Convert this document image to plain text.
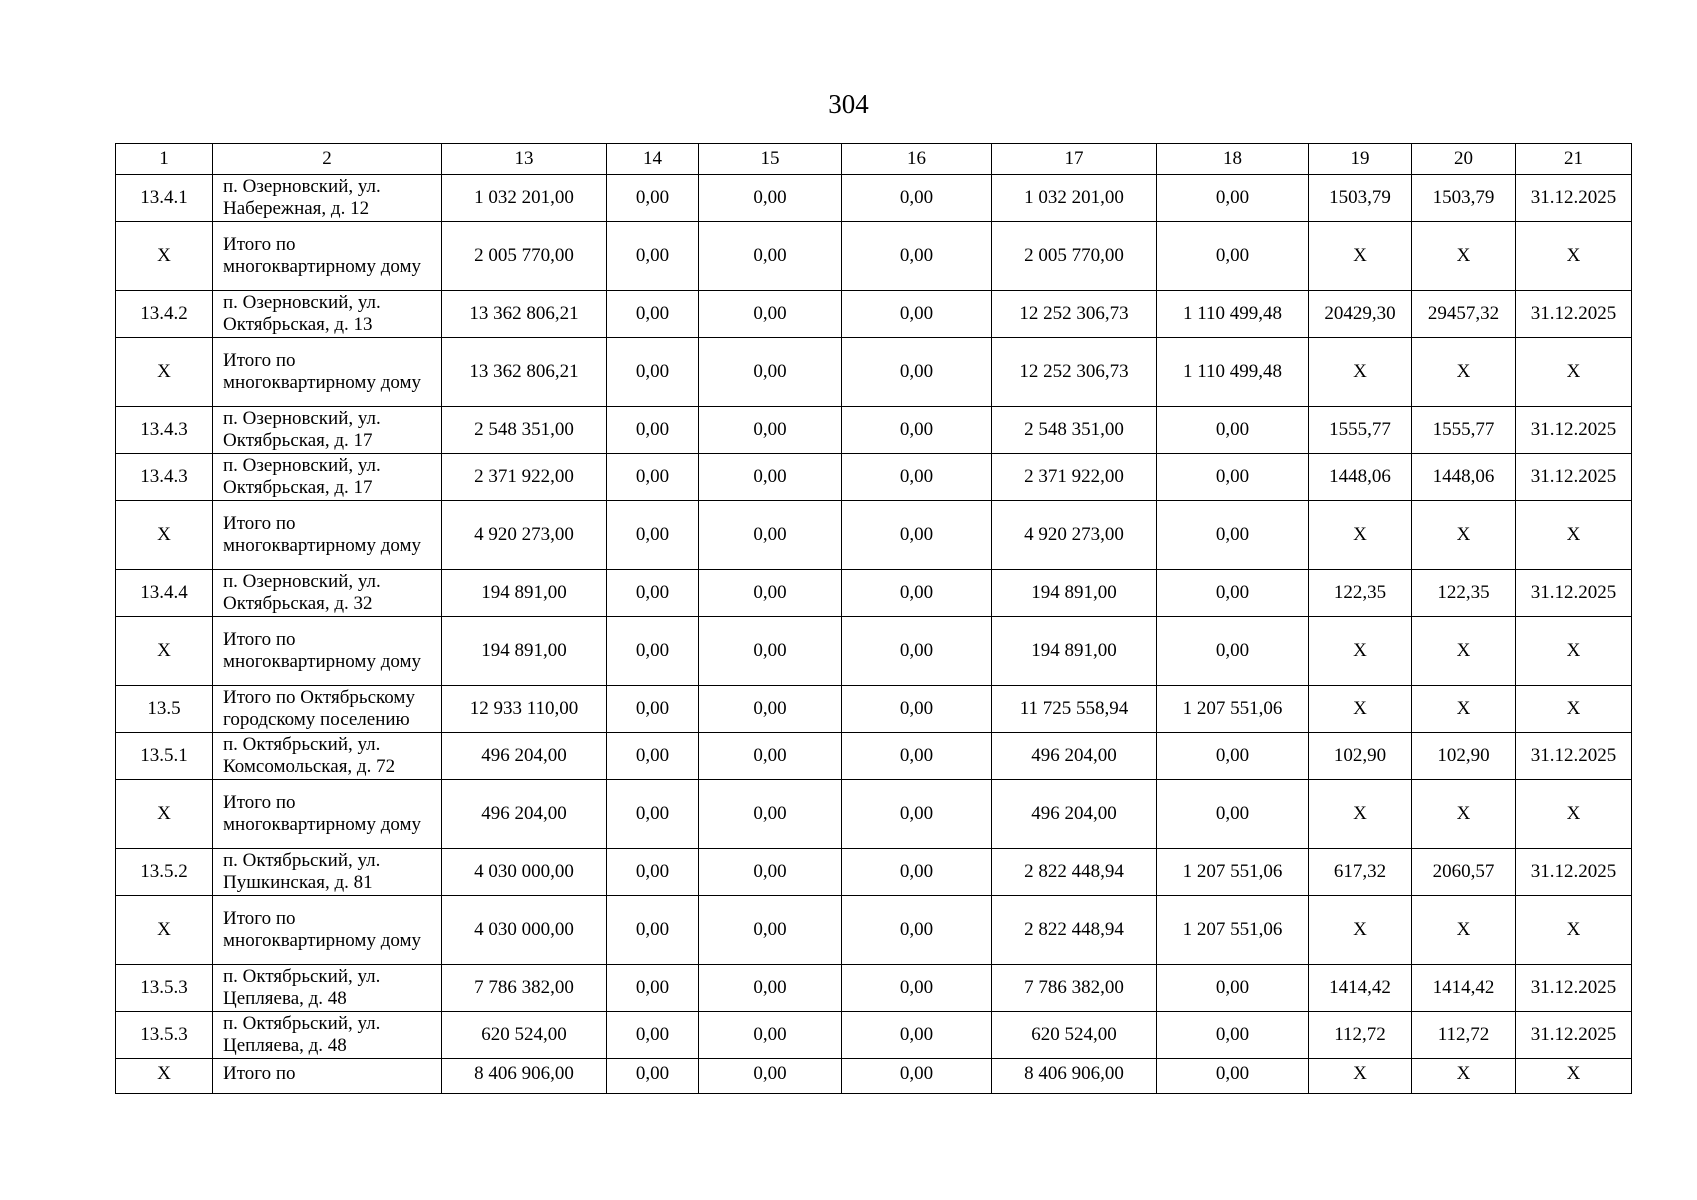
304
1	2	13	14	15	16	17	18	19	20	21
13.4.1	п. Озерновский, ул. Набережная, д. 12	1 032 201,00	0,00	0,00	0,00	1 032 201,00	0,00	1503,79	1503,79	31.12.2025
Х	Итого по многоквартирному дому	2 005 770,00	0,00	0,00	0,00	2 005 770,00	0,00	Х	Х	Х
13.4.2	п. Озерновский, ул. Октябрьская, д. 13	13 362 806,21	0,00	0,00	0,00	12 252 306,73	1 110 499,48	20429,30	29457,32	31.12.2025
Х	Итого по многоквартирному дому	13 362 806,21	0,00	0,00	0,00	12 252 306,73	1 110 499,48	Х	Х	Х
13.4.3	п. Озерновский, ул. Октябрьская, д. 17	2 548 351,00	0,00	0,00	0,00	2 548 351,00	0,00	1555,77	1555,77	31.12.2025
13.4.3	п. Озерновский, ул. Октябрьская, д. 17	2 371 922,00	0,00	0,00	0,00	2 371 922,00	0,00	1448,06	1448,06	31.12.2025
Х	Итого по многоквартирному дому	4 920 273,00	0,00	0,00	0,00	4 920 273,00	0,00	Х	Х	Х
13.4.4	п. Озерновский, ул. Октябрьская, д. 32	194 891,00	0,00	0,00	0,00	194 891,00	0,00	122,35	122,35	31.12.2025
Х	Итого по многоквартирному дому	194 891,00	0,00	0,00	0,00	194 891,00	0,00	Х	Х	Х
13.5	Итого по Октябрьскому городскому поселению	12 933 110,00	0,00	0,00	0,00	11 725 558,94	1 207 551,06	Х	Х	Х
13.5.1	п. Октябрьский, ул. Комсомольская, д. 72	496 204,00	0,00	0,00	0,00	496 204,00	0,00	102,90	102,90	31.12.2025
Х	Итого по многоквартирному дому	496 204,00	0,00	0,00	0,00	496 204,00	0,00	Х	Х	Х
13.5.2	п. Октябрьский, ул. Пушкинская, д. 81	4 030 000,00	0,00	0,00	0,00	2 822 448,94	1 207 551,06	617,32	2060,57	31.12.2025
Х	Итого по многоквартирному дому	4 030 000,00	0,00	0,00	0,00	2 822 448,94	1 207 551,06	Х	Х	Х
13.5.3	п. Октябрьский, ул. Цепляева, д. 48	7 786 382,00	0,00	0,00	0,00	7 786 382,00	0,00	1414,42	1414,42	31.12.2025
13.5.3	п. Октябрьский, ул. Цепляева, д. 48	620 524,00	0,00	0,00	0,00	620 524,00	0,00	112,72	112,72	31.12.2025
Х	Итого по	8 406 906,00	0,00	0,00	0,00	8 406 906,00	0,00	Х	Х	Х
